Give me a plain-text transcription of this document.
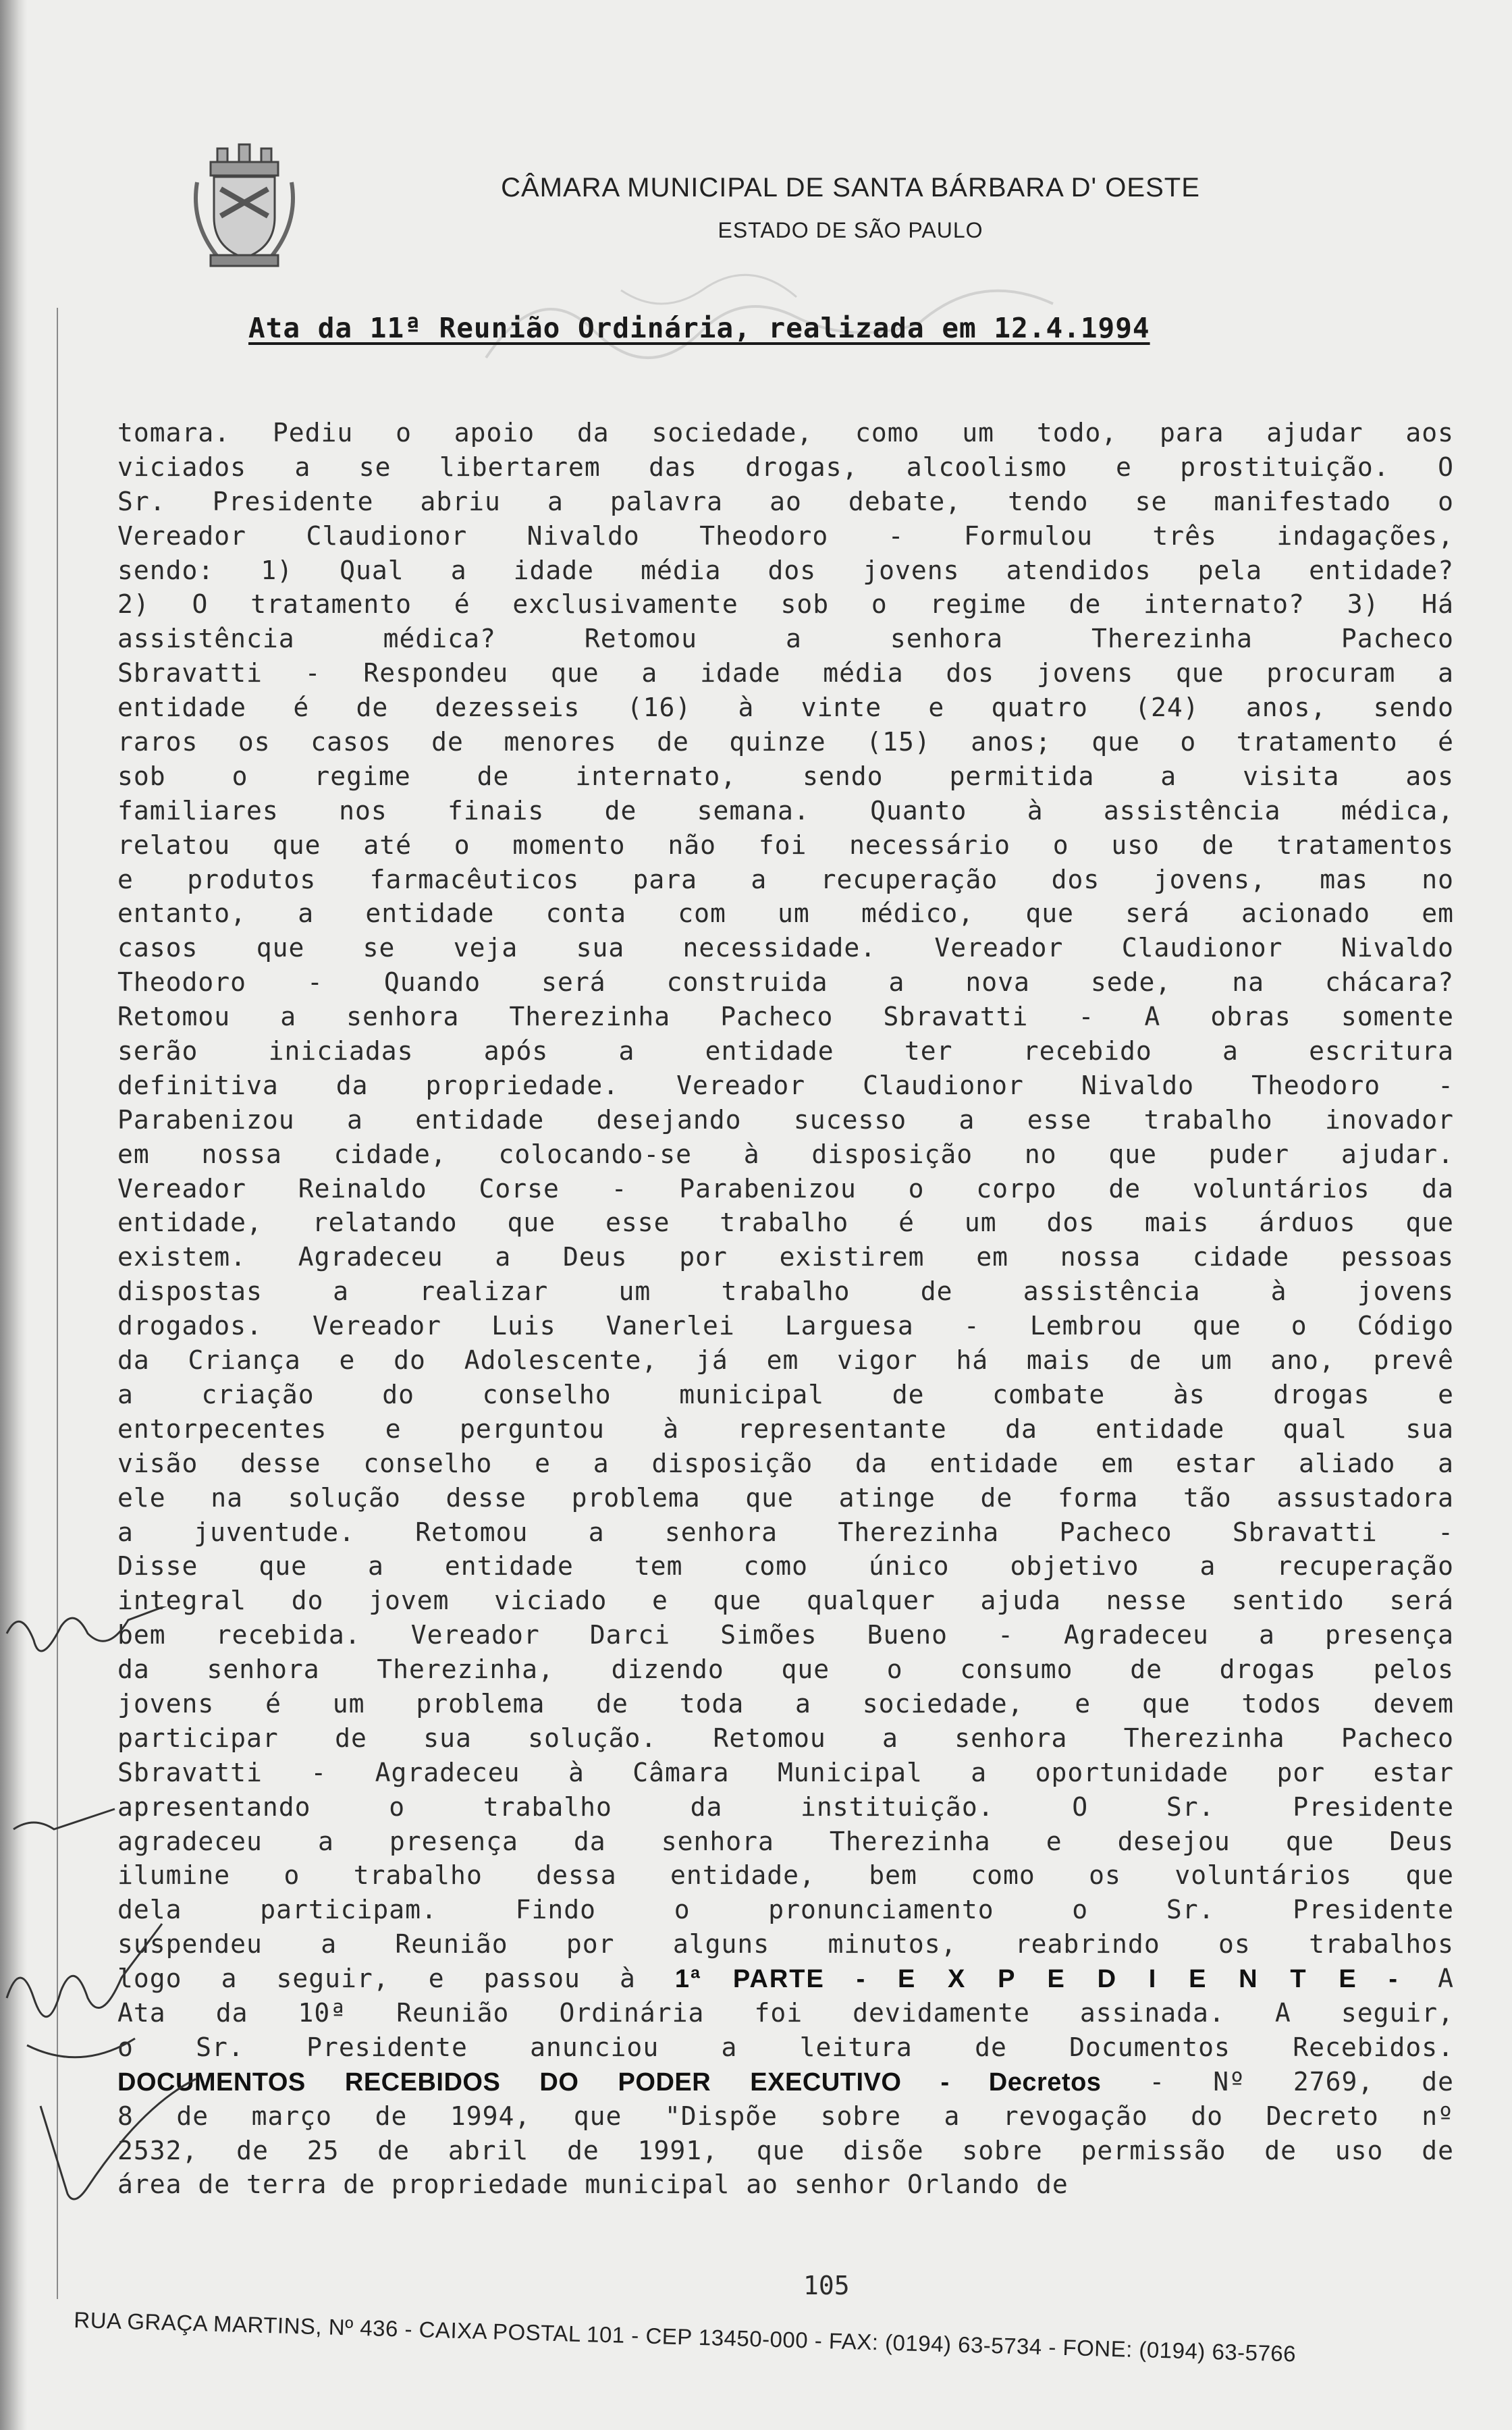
CÂMARA MUNICIPAL DE SANTA BÁRBARA D' OESTE
ESTADO DE SÃO PAULO
Ata da 11ª Reunião Ordinária, realizada em 12.4.1994
tomara. Pediu o apoio da sociedade, como um todo, para ajudar aos
viciados a se libertarem das drogas, alcoolismo e prostituição. O
Sr. Presidente abriu a palavra ao debate, tendo se manifestado o
Vereador Claudionor Nivaldo Theodoro - Formulou três indagações,
sendo: 1) Qual a idade média dos jovens atendidos pela entidade?
2) O tratamento é exclusivamente sob o regime de internato? 3) Há
assistência médica? Retomou a senhora Therezinha Pacheco
Sbravatti - Respondeu que a idade média dos jovens que procuram a
entidade é de dezesseis (16) à vinte e quatro (24) anos, sendo
raros os casos de menores de quinze (15) anos; que o tratamento é
sob o regime de internato, sendo permitida a visita aos
familiares nos finais de semana. Quanto à assistência médica,
relatou que até o momento não foi necessário o uso de tratamentos
e produtos farmacêuticos para a recuperação dos jovens, mas no
entanto, a entidade conta com um médico, que será acionado em
casos que se veja sua necessidade. Vereador Claudionor Nivaldo
Theodoro - Quando será construida a nova sede, na chácara?
Retomou a senhora Therezinha Pacheco Sbravatti - A obras somente
serão iniciadas após a entidade ter recebido a escritura
definitiva da propriedade. Vereador Claudionor Nivaldo Theodoro -
Parabenizou a entidade desejando sucesso a esse trabalho inovador
em nossa cidade, colocando-se à disposição no que puder ajudar.
Vereador Reinaldo Corse - Parabenizou o corpo de voluntários da
entidade, relatando que esse trabalho é um dos mais árduos que
existem. Agradeceu a Deus por existirem em nossa cidade pessoas
dispostas a realizar um trabalho de assistência à jovens
drogados. Vereador Luis Vanerlei Larguesa - Lembrou que o Código
da Criança e do Adolescente, já em vigor há mais de um ano, prevê
a criação do conselho municipal de combate às drogas e
entorpecentes e perguntou à representante da entidade qual sua
visão desse conselho e a disposição da entidade em estar aliado a
ele na solução desse problema que atinge de forma tão assustadora
a juventude. Retomou a senhora Therezinha Pacheco Sbravatti -
Disse que a entidade tem como único objetivo a recuperação
integral do jovem viciado e que qualquer ajuda nesse sentido será
bem recebida. Vereador Darci Simões Bueno - Agradeceu a presença
da senhora Therezinha, dizendo que o consumo de drogas pelos
jovens é um problema de toda a sociedade, e que todos devem
participar de sua solução. Retomou a senhora Therezinha Pacheco
Sbravatti - Agradeceu à Câmara Municipal a oportunidade por estar
apresentando o trabalho da instituição. O Sr. Presidente
agradeceu a presença da senhora Therezinha e desejou que Deus
ilumine o trabalho dessa entidade, bem como os voluntários que
dela participam. Findo o pronunciamento o Sr. Presidente
suspendeu a Reunião por alguns minutos, reabrindo os trabalhos
logo a seguir, e passou à 1ª PARTE - E X P E D I E N T E - A
Ata da 10ª Reunião Ordinária foi devidamente assinada. A seguir,
o Sr. Presidente anunciou a leitura de Documentos Recebidos.
DOCUMENTOS RECEBIDOS DO PODER EXECUTIVO - Decretos - Nº 2769, de
8 de março de 1994, que "Dispõe sobre a revogação do Decreto nº
2532, de 25 de abril de 1991, que disõe sobre permissão de uso de
área de terra de propriedade municipal ao senhor Orlando de
105
RUA GRAÇA MARTINS, Nº 436 - CAIXA POSTAL 101 - CEP 13450-000 - FAX: (0194) 63-5734 - FONE: (0194) 63-5766
